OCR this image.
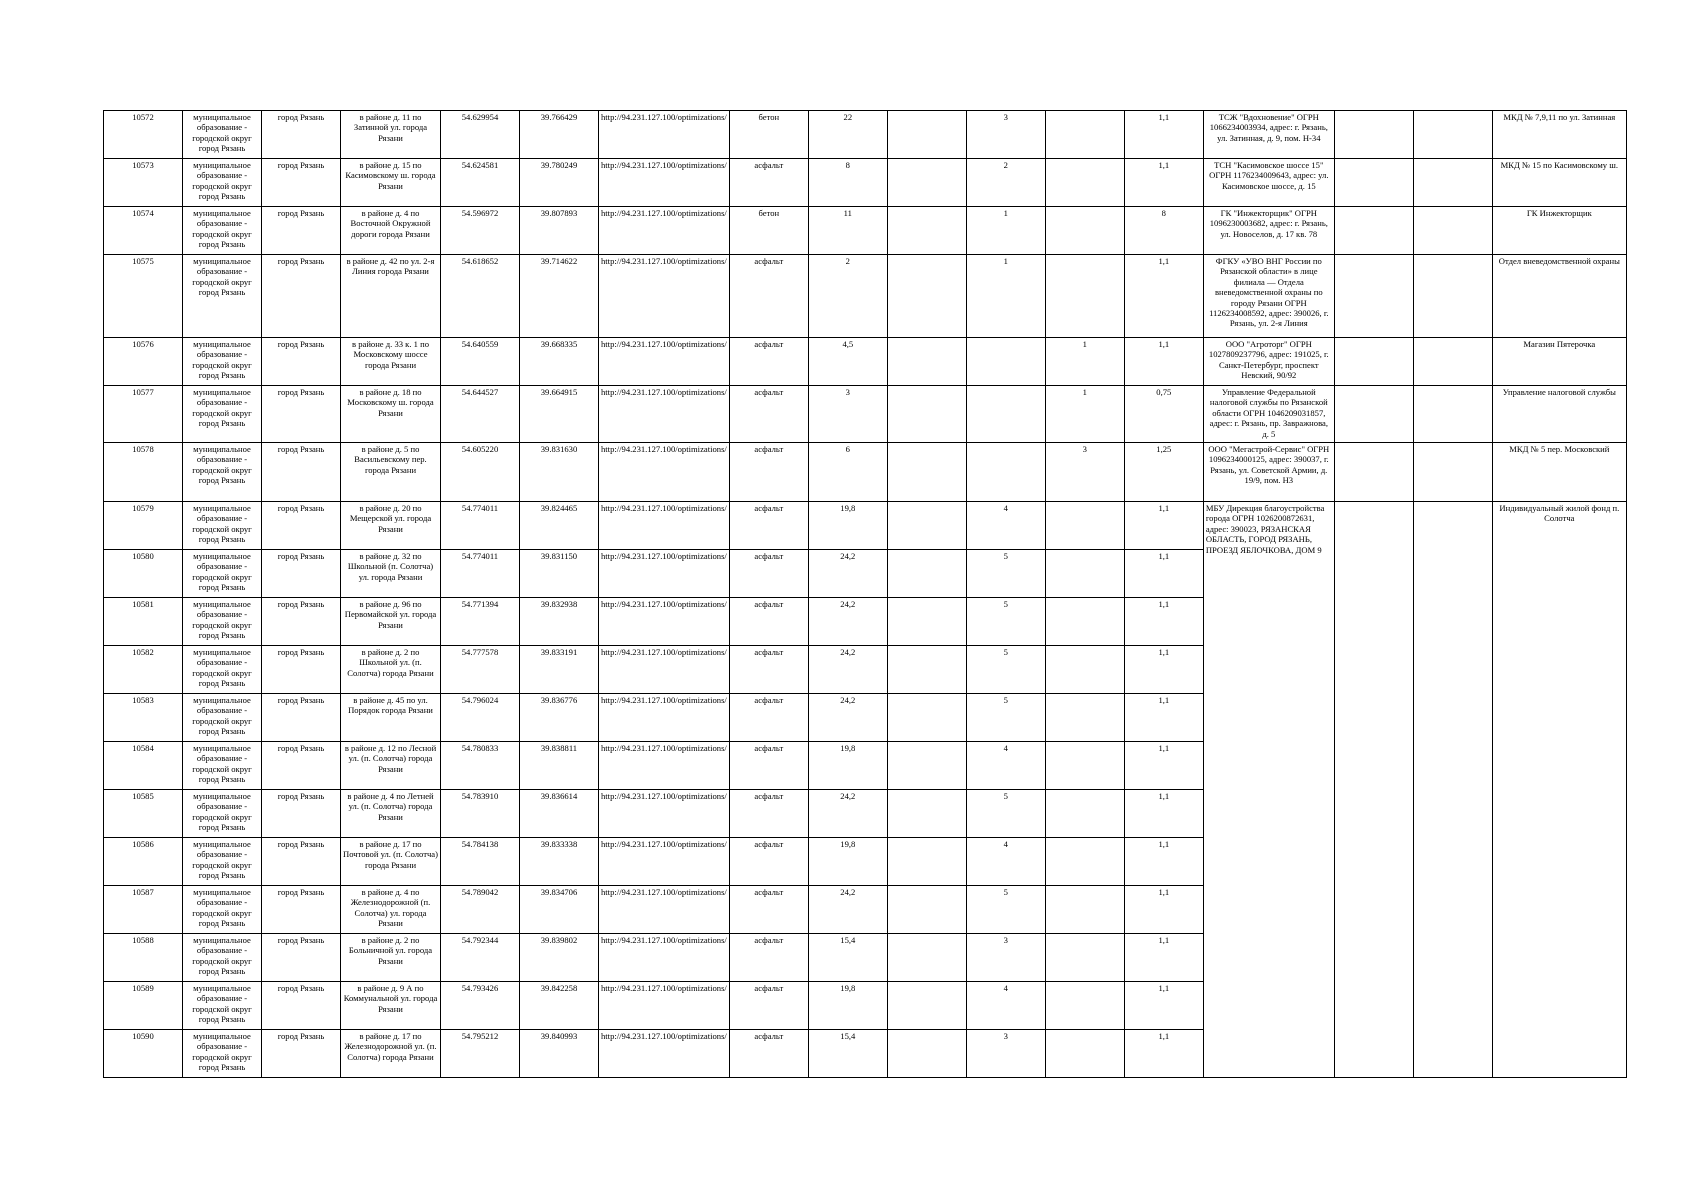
10572	муниципальное образование - городской округ город Рязань	город Рязань	в районе д. 11 по Затинной ул. города Рязани	54.629954	39.766429	http://94.231.127.100/optimizations/	бетон	22		3		1,1	ТСЖ "Вдохновение" ОГРН 1066234003934, адрес: г. Рязань, ул. Затинная, д. 9, пом. Н-34			МКД № 7,9,11 по ул. Затинная
10573	муниципальное образование - городской округ город Рязань	город Рязань	в районе д. 15 по Касимовскому ш. города Рязани	54.624581	39.780249	http://94.231.127.100/optimizations/	асфальт	8		2		1,1	ТСН "Касимовское шоссе 15" ОГРН 1176234009643, адрес: ул. Касимовское шоссе, д. 15			МКД № 15 по Касимовскому ш.
10574	муниципальное образование - городской округ город Рязань	город Рязань	в районе д. 4 по Восточной Окружной дороги города Рязани	54.596972	39.807893	http://94.231.127.100/optimizations/	бетон	11		1		8	ГК "Инжекторщик" ОГРН 1096230003682, адрес: г. Рязань, ул. Новоселов, д. 17 кв. 78			ГК Инжекторщик
10575	муниципальное образование - городской округ город Рязань	город Рязань	в районе д. 42 по ул. 2-я Линия города Рязани	54.618652	39.714622	http://94.231.127.100/optimizations/	асфальт	2		1		1,1	ФГКУ «УВО ВНГ России по Рязанской области» в лице филиала — Отдела вневедомственной охраны по городу Рязани ОГРН 1126234008592, адрес: 390026, г. Рязань, ул. 2-я Линия			Отдел вневедомственной охраны
10576	муниципальное образование - городской округ город Рязань	город Рязань	в районе д. 33 к. 1 по Московскому шоссе города Рязани	54.640559	39.668335	http://94.231.127.100/optimizations/	асфальт	4,5			1	1,1	ООО "Агроторг" ОГРН 1027809237796, адрес: 191025, г. Санкт-Петербург, проспект Невский, 90/92			Магазин Пятерочка
10577	муниципальное образование - городской округ город Рязань	город Рязань	в районе д. 18 по Московскому ш. города Рязани	54.644527	39.664915	http://94.231.127.100/optimizations/	асфальт	3			1	0,75	Управление Федеральной налоговой службы по Рязанской области ОГРН 1046209031857, адрес: г. Рязань, пр. Завражнова, д. 5			Управление налоговой службы
10578	муниципальное образование - городской округ город Рязань	город Рязань	в районе д. 5 по Васильевскому пер. города Рязани	54.605220	39.831630	http://94.231.127.100/optimizations/	асфальт	6			3	1,25	ООО "Мегастрой-Сервис" ОГРН 1096234000125, адрес: 390037, г. Рязань, ул. Советской Армии, д. 19/9, пом. Н3			МКД № 5 пер. Московский
10579	муниципальное образование - городской округ город Рязань	город Рязань	в районе д. 20 по Мещерской ул. города Рязани	54.774011	39.824465	http://94.231.127.100/optimizations/	асфальт	19,8		4		1,1	МБУ Дирекция благоустройства города ОГРН 1026200872631, адрес: 390023, РЯЗАНСКАЯ ОБЛАСТЬ, ГОРОД РЯЗАНЬ, ПРОЕЗД ЯБЛОЧКОВА, ДОМ 9			Индивидуальный жилой фонд п. Солотча
10580	муниципальное образование - городской округ город Рязань	город Рязань	в районе д. 32 по Школьной (п. Солотча) ул. города Рязани	54.774011	39.831150	http://94.231.127.100/optimizations/	асфальт	24,2		5		1,1				
10581	муниципальное образование - городской округ город Рязань	город Рязань	в районе д. 96 по Первомайской ул. города Рязани	54.771394	39.832938	http://94.231.127.100/optimizations/	асфальт	24,2		5		1,1				
10582	муниципальное образование - городской округ город Рязань	город Рязань	в районе д. 2 по Школьной ул. (п. Солотча) города Рязани	54.777578	39.833191	http://94.231.127.100/optimizations/	асфальт	24,2		5		1,1				
10583	муниципальное образование - городской округ город Рязань	город Рязань	в районе д. 45 по ул. Порядок города Рязани	54.796024	39.836776	http://94.231.127.100/optimizations/	асфальт	24,2		5		1,1				
10584	муниципальное образование - городской округ город Рязань	город Рязань	в районе д. 12 по Лесной ул. (п. Солотча) города Рязани	54.780833	39.838811	http://94.231.127.100/optimizations/	асфальт	19,8		4		1,1				
10585	муниципальное образование - городской округ город Рязань	город Рязань	в районе д. 4 по Летней ул. (п. Солотча) города Рязани	54.783910	39.836614	http://94.231.127.100/optimizations/	асфальт	24,2		5		1,1				
10586	муниципальное образование - городской округ город Рязань	город Рязань	в районе д. 17 по Почтовой ул. (п. Солотча) города Рязани	54.784138	39.833338	http://94.231.127.100/optimizations/	асфальт	19,8		4		1,1				
10587	муниципальное образование - городской округ город Рязань	город Рязань	в районе д. 4 по Железнодорожной (п. Солотча) ул. города Рязани	54.789042	39.834706	http://94.231.127.100/optimizations/	асфальт	24,2		5		1,1				
10588	муниципальное образование - городской округ город Рязань	город Рязань	в районе д. 2 по Больничной ул. города Рязани	54.792344	39.839802	http://94.231.127.100/optimizations/	асфальт	15,4		3		1,1				
10589	муниципальное образование - городской округ город Рязань	город Рязань	в районе д. 9 А по Коммунальной ул. города Рязани	54.793426	39.842258	http://94.231.127.100/optimizations/	асфальт	19,8		4		1,1				
10590	муниципальное образование - городской округ город Рязань	город Рязань	в районе д. 17 по Железнодорожной ул. (п. Солотча) города Рязани	54.795212	39.840993	http://94.231.127.100/optimizations/	асфальт	15,4		3		1,1				
